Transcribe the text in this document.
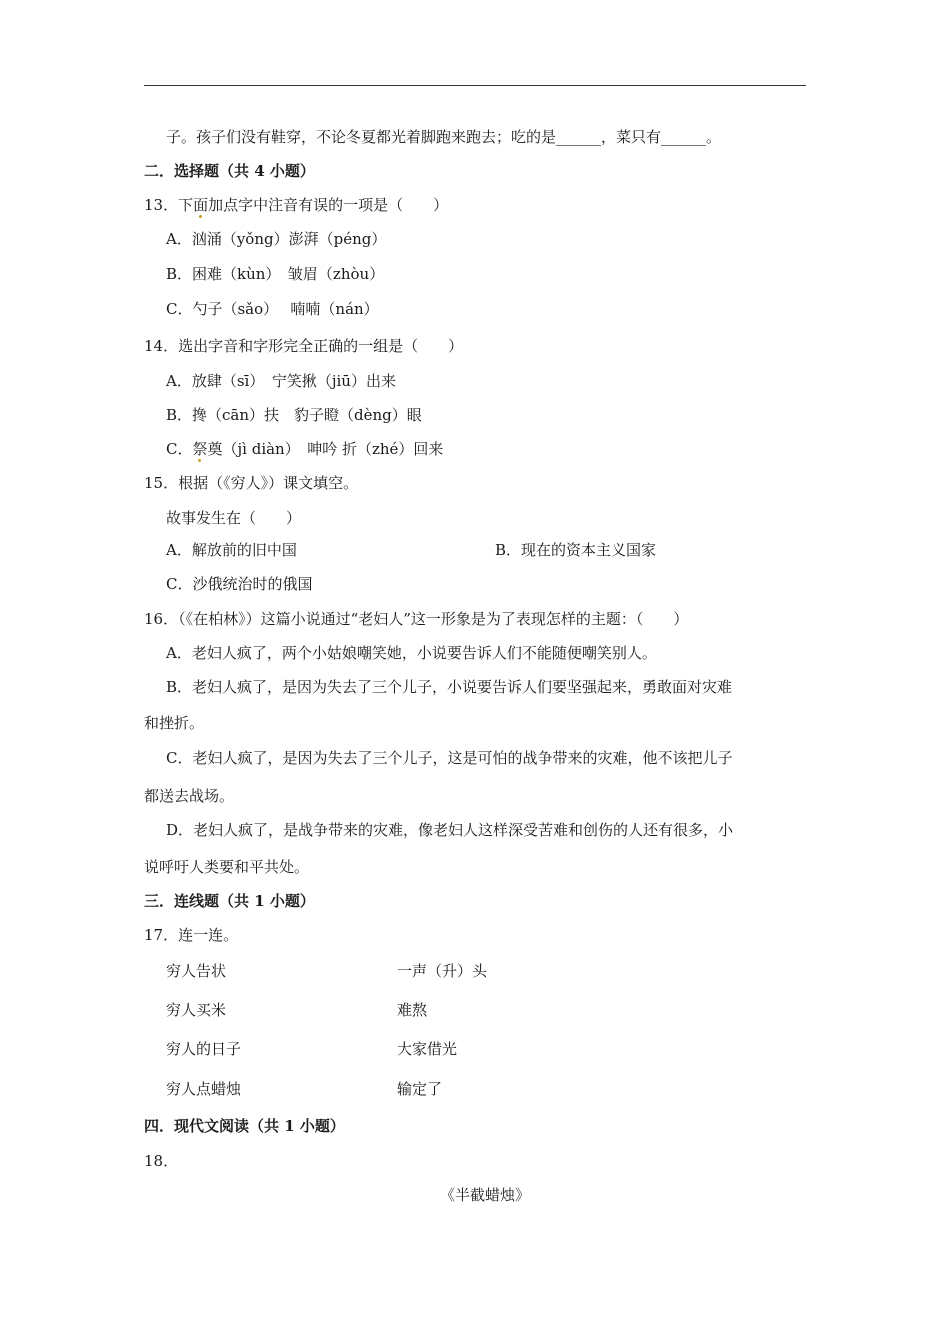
子。孩子们没有鞋穿，不论冬夏都光着脚跑来跑去；吃的是______，菜只有______。
二．选择题（共 4 小题）
13．下面加点字中注音有误的一项是（　　）
A．汹涌（yǒng）澎湃（péng）
B．困难（kùn）　皱眉（zhòu）
C．勺子（sǎo）　 喃喃（nán）
14．选出字音和字形完全正确的一组是（　　）
A．放肆（sī）　宁笑揪（jiū）出来
B．搀（cān）扶　豹子瞪（dèng）眼
C．祭奠（jì diàn）　呻吟 折（zhé）回来
15．根据（《穷人》）课文填空。
故事发生在（　　）
A．解放前的旧中国	B．现在的资本主义国家
C．沙俄统治时的俄国
16．（《在柏林》）这篇小说通过“老妇人”这一形象是为了表现怎样的主题：（　　）
A．老妇人疯了，两个小姑娘嘲笑她，小说要告诉人们不能随便嘲笑别人。
B．老妇人疯了，是因为失去了三个儿子，小说要告诉人们要坚强起来，勇敢面对灾难
和挫折。
C．老妇人疯了，是因为失去了三个儿子，这是可怕的战争带来的灾难，他不该把儿子
都送去战场。
D．老妇人疯了，是战争带来的灾难，像老妇人这样深受苦难和创伤的人还有很多，小
说呼吁人类要和平共处。
三．连线题（共 1 小题）
17．连一连。
穷人告状	一声（升）头
穷人买米	难熬
穷人的日子	大家借光
穷人点蜡烛	输定了
四．现代文阅读（共 1 小题）
18．
《半截蜡烛》
